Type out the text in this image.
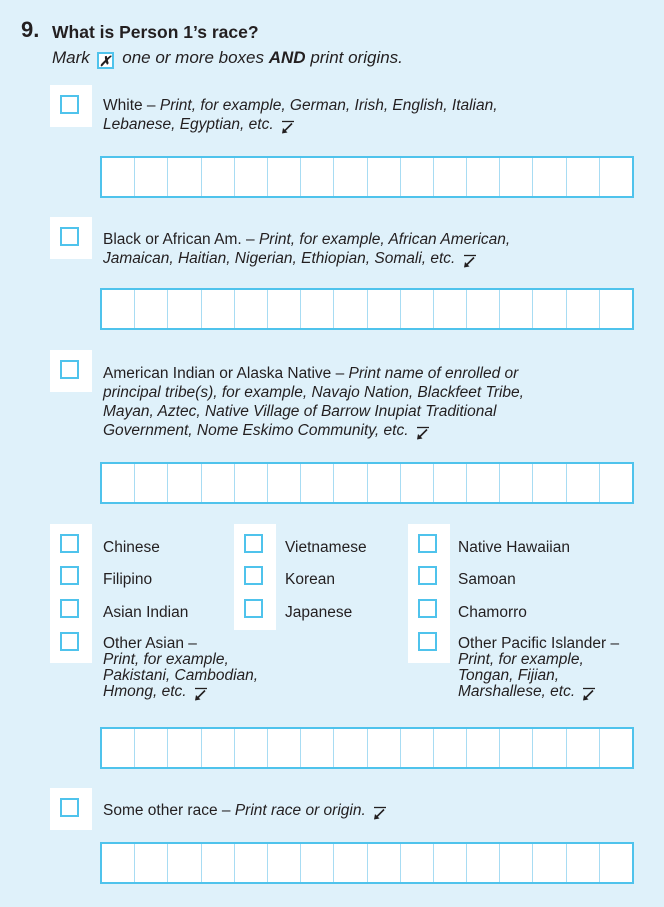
9. What is Person 1’s race?
Mark ✗ one or more boxes AND print origins.
White – Print, for example, German, Irish, English, Italian,
Lebanese, Egyptian, etc.
Black or African Am. – Print, for example, African American,
Jamaican, Haitian, Nigerian, Ethiopian, Somali, etc.
American Indian or Alaska Native – Print name of enrolled or
principal tribe(s), for example, Navajo Nation, Blackfeet Tribe,
Mayan, Aztec, Native Village of Barrow Inupiat Traditional
Government, Nome Eskimo Community, etc.
Chinese
Filipino
Asian Indian
Other Asian –
Print, for example,
Pakistani, Cambodian,
Hmong, etc.
Vietnamese
Korean
Japanese
Native Hawaiian
Samoan
Chamorro
Other Pacific Islander –
Print, for example,
Tongan, Fijian,
Marshallese, etc.
Some other race – Print race or origin.
